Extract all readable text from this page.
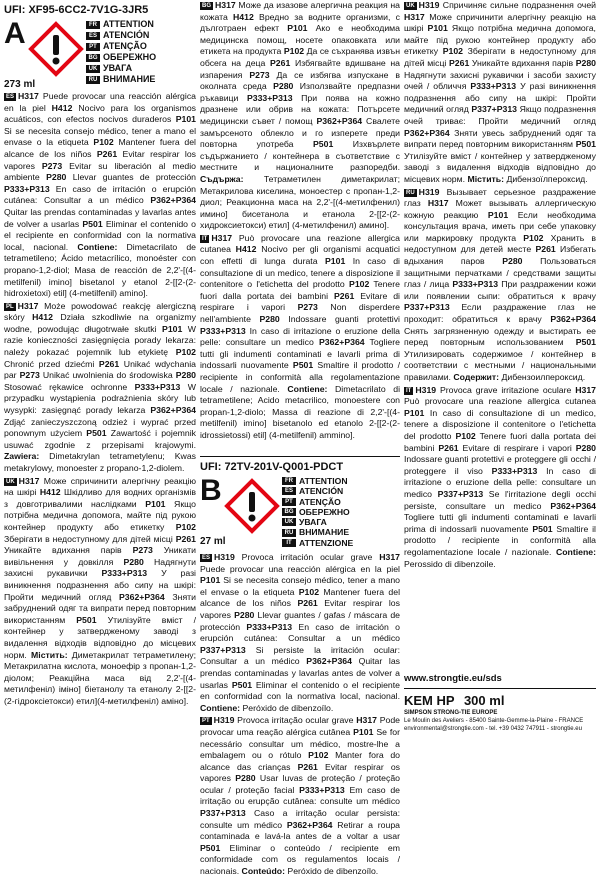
UFI: XF95-6CC2-7V1G-3JR5
A	FR ATTENTION
ES ATENCIÓN
PT ATENÇÃO
BG ОБЕРЕЖНО
UK УВАГА
RU ВНИМАНИЕ
273 ml

ES H317 Puede provocar una reacción alérgica en la piel H412 Nocivo para los organismos acuáticos, con efectos nocivos duraderos P101 Si se necesita consejo médico, tener a mano el envase o la etiqueta P102 Mantener fuera del alcance de los niños P261 Evitar respirar los vapores P273 Evitar su liberación al medio ambiente P280 Llevar guantes de protección P333+P313 En caso de irritación o erupción cutánea: Consultar a un médico P362+P364 Quitar las prendas contaminadas y lavarlas antes de volver a usarlas P501 Eliminar el contenido o el recipiente en conformidad con la normativa local, nacional. Contiene: Dimetacrilato de tetrametileno; Ácido metacrílico, monoéster con propano-1,2-diol; Masa de reacción de 2,2'-[(4-metilfenil) imino] bisetanol y etanol 2-[[2-(2-hidroxietoxi) etil] (4-metilfenil) amino].

PL H317 Może powodować reakcję alergiczną skóry H412 Działa szkodliwie na organizmy wodne, powodując długotrwałe skutki P101 W razie konieczności zasięgnięcia porady lekarza: należy pokazać pojemnik lub etykietę P102 Chronić przed dziećmi P261 Unikać wdychania par P273 Unikać uwolnienia do środowiska P280 Stosować rękawice ochronne P333+P313 W przypadku wystąpienia podrażnienia skóry lub wysypki: zasięgnąć porady lekarza P362+P364 Zdjąć zanieczyszczoną odzież i wyprać przed ponownym użyciem P501 Zawartość i pojemnik usuwać zgodnie z przepisami krajowymi. Zawiera: Dimetakrylan tetrametylenu; Kwas metakrylowy, monoester z propano-1,2-diolem.

UK H317 Може спричинити алергічну реакцію на шкірі H412 Шкідливо для водних організмів з довготривалими наслідками P101 Якщо потрібна медична допомога, майте під рукою контейнер продукту або етикетку P102 Зберігати в недоступному для дітей місці P261 Уникайте вдихання парів P273 Уникати вивільнення у довкілля P280 Надягнути захисні рукавички P333+P313 У разі виникнення подразнення або сипу на шкірі: Пройти медичний огляд P362+P364 Зняти забруднений одяг та випрати перед повторним використанням P501 Утилізуйте вміст / контейнер у затвердженому заводі з видалення відходів відповідно до місцевих норм. Містить: Диметакрилат тетраметилену; Метакрилатна кислота, моноефір з пропан-1,2-діолом; Реакційна маса від 2,2'-[(4-метилфеніл) іміно] біетанолу та етанолу 2-[[2-(2-гідроксіетокси) етил](4-метилфеніл) аміно].

BG H317 Може да изазове алергична реакция на кожата H412 Вредно за водните организми, с дълготраен ефект P101 Ако е необходима медицинска помощ, носете опаковката или етикета на продукта P102 Да се съхранява извън обсега на деца P261 Избягвайте вдишване на изпарения P273 Да се избягва изпускане в околната среда P280 Използвайте предпазни ръкавици P333+P313 При поява на кожно дразнене или обрив на кожата: Потърсете медицински съвет / помощ P362+P364 Свалете замърсеното облекло и го изперете преди повторна употреба P501 Изхвърлете съдържанието / контейнера в съответствие с местните и националните разпоредби. Съдържа: Тетраметилен диметакрилат; Метакрилова киселина, моноестер с пропан-1,2-диол; Реакционна маса на 2,2'-[(4-метилфенил) имино] бисетанола и етанола 2-[[2-(2-хидроксиетокси) етил] (4-метилфенил) амино].

IT H317 Può provocare una reazione allergica cutanea H412 Nocivo per gli organismi acquatici con effetti di lunga durata P101 In caso di consultazione di un medico, tenere a disposizione il contenitore o l'etichetta del prodotto P102 Tenere fuori dalla portata dei bambini P261 Evitare di respirare i vapori P273 Non disperdere nell'ambiente P280 Indossare guanti protettivi P333+P313 In caso di irritazione o eruzione della pelle: consultare un medico P362+P364 Togliere tutti gli indumenti contaminati e lavarli prima di indossarli nuovamente P501 Smaltire il prodotto / recipiente in conformità alla regolamentazione locale / nazionale. Contiene: Dimetacrilato di tetrametilene; Acido metacrilico, monoestere con propan-1,2-diolo; Massa di reazione di 2,2'-[(4-metilfenil) imino] bisetanolo ed etanolo 2-[[2-(2-idrossietossi) etil] (4-metilfenil) ammino].

UFI: 72TV-201V-Q001-PDCT
B	FR ATTENTION
ES ATENCIÓN
PT ATENÇÃO
BG ОБЕРЕЖНО
UK УВАГА
RU ВНИМАНИЕ
IT ATTENZIONE
27 ml

ES H319 Provoca irritación ocular grave H317 Puede provocar una reacción alérgica en la piel P101 Si se necesita consejo médico, tener a mano el envase o la etiqueta P102 Mantener fuera del alcance de los niños P261 Evitar respirar los vapores P280 Llevar guantes / gafas / máscara de protección P333+P313 En caso de irritación o erupción cutánea: Consultar a un médico P337+P313 Si persiste la irritación ocular: Consultar a un médico P362+P364 Quitar las prendas contaminadas y lavarlas antes de volver a usarlas P501 Eliminar el contenido o el recipiente en conformidad con la normativa local, nacional. Contiene: Peróxido de dibenzoílo.

PT H319 Provoca irritação ocular grave H317 Pode provocar uma reação alérgica cutânea P101 Se for necessário consultar um médico, mostre-lhe a embalagem ou o rótulo P102 Manter fora do alcance das crianças P261 Evitar respirar os vapores P280 Usar luvas de proteção / proteção ocular / proteção facial P333+P313 Em caso de irritação ou erupção cutânea: consulte um médico P337+P313 Caso a irritação ocular persista: consulte um médico P362+P364 Retirar a roupa contaminada e lavá-la antes de a voltar a usar P501 Eliminar o conteúdo / recipiente em conformidade com os regulamentos locais / nacionais. Conteúdo: Peróxido de dibenzoílo.

UK H319 Спричиняє сильне подразнення очей H317 Може спричинити алергічну реакцію на шкірі P101 Якщо потрібна медична допомога, майте під рукою контейнер продукту або етикетку P102 Зберігати в недоступному для дітей місці P261 Уникайте вдихання парів P280 Надягнути захисні рукавички і засоби захисту очей / обличчя P333+P313 У разі виникнення подразнення або сипу на шкірі: Пройти медичний огляд P337+P313 Якщо подразнення очей триває: Пройти медичний огляд P362+P364 Зняти увесь забруднений одяг та випрати перед повторним використанням P501 Утилізуйте вміст / контейнер у затвердженому заводі з видалення відходів відповідно до місцевих норм. Містить: Дибензоїлпероксид.

RU H319 Вызывает серьезное раздражение глаз H317 Может вызывать аллергическую кожную реакцию P101 Если необходима консультация врача, иметь при себе упаковку или маркировку продукта P102 Хранить в недоступном для детей месте P261 Избегать вдыхания паров P280 Пользоваться защитными перчатками / средствами защиты глаз / лица P333+P313 При раздражении кожи или появлении сыпи: обратиться к врачу P337+P313 Если раздражение глаз не проходит: обратиться к врачу P362+P364 Снять загрязненную одежду и выстирать ее перед повторным использованием P501 Утилизировать содержимое / контейнер в соответствии с местными / национальными правилами. Содержит: Дибензоилпероксид.

IT H319 Provoca grave irritazione oculare H317 Può provocare una reazione allergica cutanea P101 In caso di consultazione di un medico, tenere a disposizione il contenitore o l'etichetta del prodotto P102 Tenere fuori dalla portata dei bambini P261 Evitare di respirare i vapori P280 Indossare guanti protettivi e proteggere gli occhi / proteggere il viso P333+P313 In caso di irritazione o eruzione della pelle: consultare un medico P337+P313 Se l'irritazione degli occhi persiste, consultare un medico P362+P364 Togliere tutti gli indumenti contaminati e lavarli prima di indossarli nuovamente P501 Smaltire il prodotto / recipiente in conformità alla regolamentazione locale / nazionale. Contiene: Perossido di dibenzoile.

www.strongtie.eu/sds
KEM HP 300 ml
SIMPSON STRONG-TIE EUROPE
Le Moulin des Aveliers - 85400 Sainte-Gemme-la-Plaine - FRANCE
environmental@strongtie.com - tel. +39 0432 747911 - strongtie.eu
